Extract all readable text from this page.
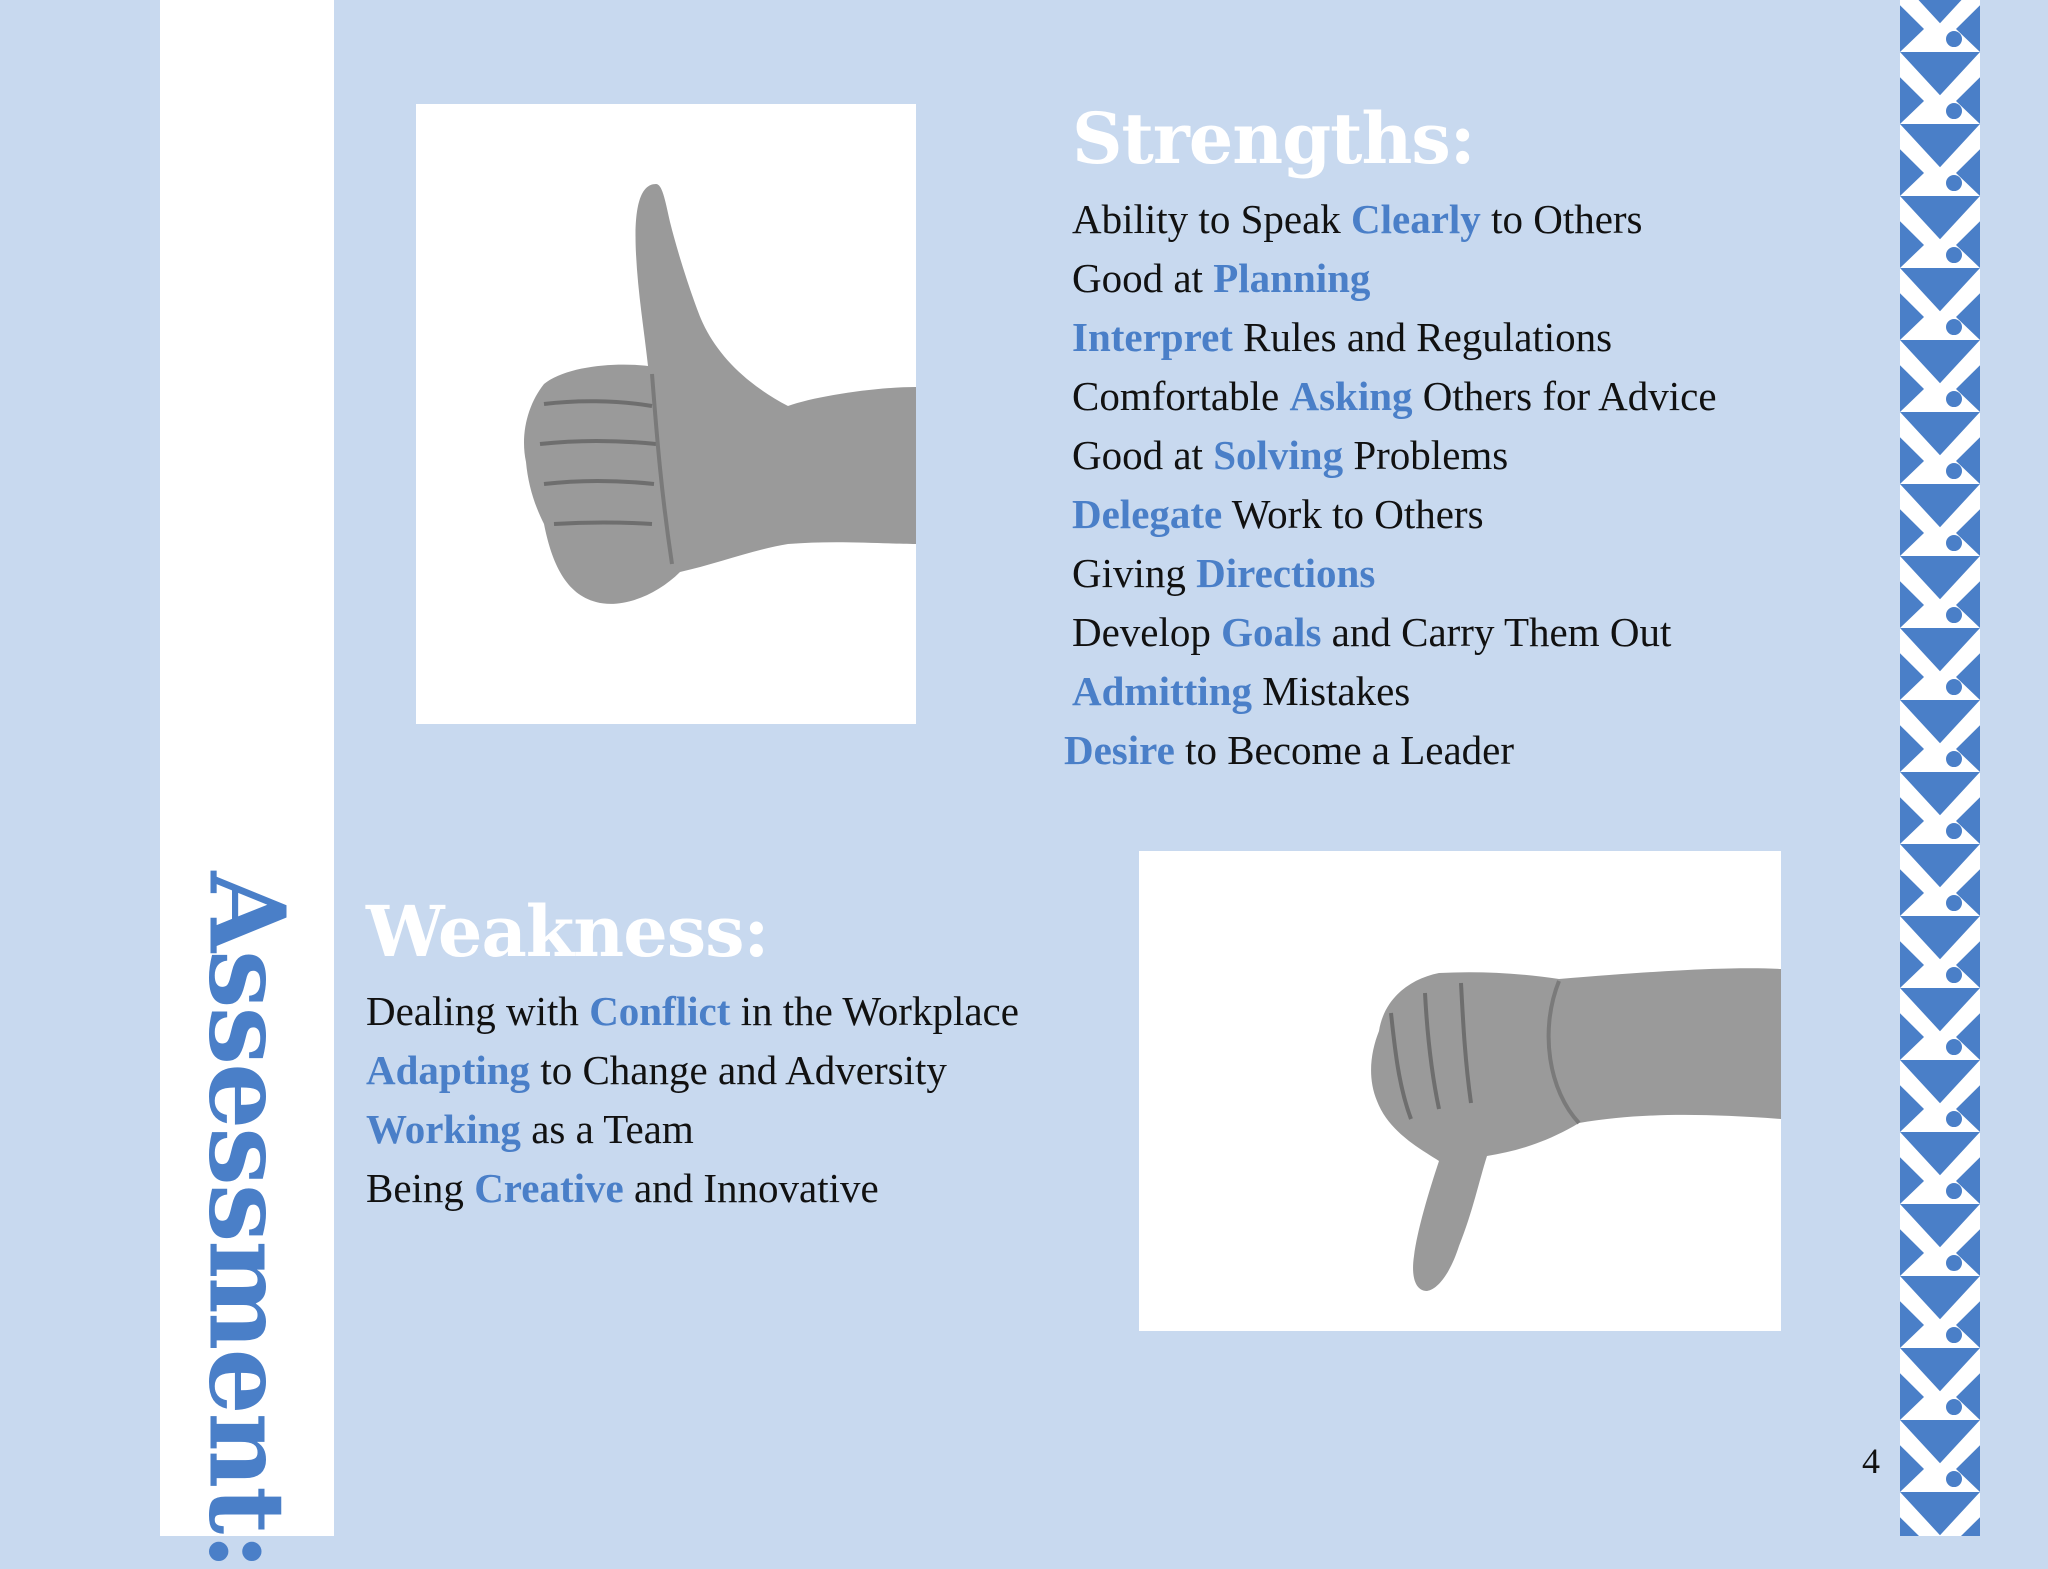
Assessment:
Strengths:
Ability to Speak Clearly to Others
Good at Planning
Interpret Rules and Regulations
Comfortable Asking Others for Advice
Good at Solving Problems
Delegate Work to Others
Giving Directions
Develop Goals and Carry Them Out
Admitting Mistakes
Desire to Become a Leader
Weakness:
Dealing with Conflict in the Workplace
Adapting to Change and Adversity
Working as a Team
Being Creative and Innovative
4
